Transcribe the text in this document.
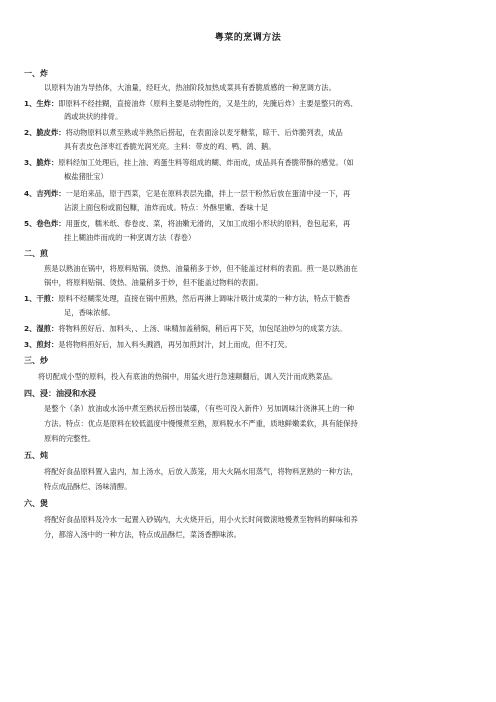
粤菜的烹调方法
一、炸
以原料为油为导热体，大油量，经旺火，热油阶段加热成菜具有香脆质感的一种烹调方法。
1、生炸：即原料不经挂糊，直接油炸（原料主要是动物性的，又是生的，先腌后炸）主要是整只的鸡、
鸽或块状的排骨。
2、脆皮炸：将动物原料以煮至熟或半熟然后捞起，在表面涂以麦牙糖浆，晾干、后炸脆列表，成品
具有表皮色泽枣红香脆光润光亮。主料：带皮的鸡、鸭、鸽、鹅。
3、脆炸：原料经加工处理后，挂上油、鸡蛋生料等组成的糊、炸而成，成品具有香脆带酥的感觉。（如
椒盐猪肚宝）
4、吉列炸：一是珀来品，原于西菜，它是在原料表层先撒，拌上一层干粉然后放在蛋清中浸一下，再
沾滚上面包粉或面包糠，油炸而成。特点：外酥里嫩、香味十足
5、卷色炸：用蛋皮，糯米纸、春卷皮、菜，将油嫩无滑的，又加工成细小形状的原料，卷包起来，再
挂上糊油炸而成的一种烹调方法（春卷）
二、煎
煎是以熟油在锅中，将原料贴锅、烫热、油量稍多于炒，但不能盖过材料的表面。煎一是以熟油在
锅中，将原料贴锅、烫热、油量稍多于炒，但不能盖过物料的表面。
1、干煎：原料不经糊浆处理，直接在锅中煎熟，然后再淋上调味汁吸汁成菜的一种方法，特点干脆香
足，香味浓郁。
2、湿煎：将物料煎好后、加料头，、上汤、味精加盖稍焖，稍后再下芡，加包尾油炒匀的成菜方法。
3、煎封：是将物料煎好后，加入料头溅酒，再另加煎封汁，封上而成，但不打芡。
三、炒
将切配成小型的原料，投入有底油的热锅中，用猛火进行急速颠翻后，调入芡汁而成熟菜品。
四、浸：油浸和水浸
是整个（条）放油或水汤中煮至熟状后捞出装碟，（有些可没入新件）另加调味汁浇淋其上的一种
方法。特点：优点是原料在较低温度中慢慢煮至熟，原料脱水不严重，质地鲜嫩柔软，具有能保持
原料的完整性。
五、炖
将配好食品原料置入盅内，加上汤水，后放入蒸笼，用大火隔水用蒸气，将物料烹熟的一种方法，
特点成品酥烂、汤味清醇。
六、煲
将配好食品原料及冷水一起置入砂锅内，大火烧开后，用小火长时间微滚地慢煮至物料的鲜味和养
分，都溶入汤中的一种方法，特点成品酥烂，菜汤香醇味浓。
